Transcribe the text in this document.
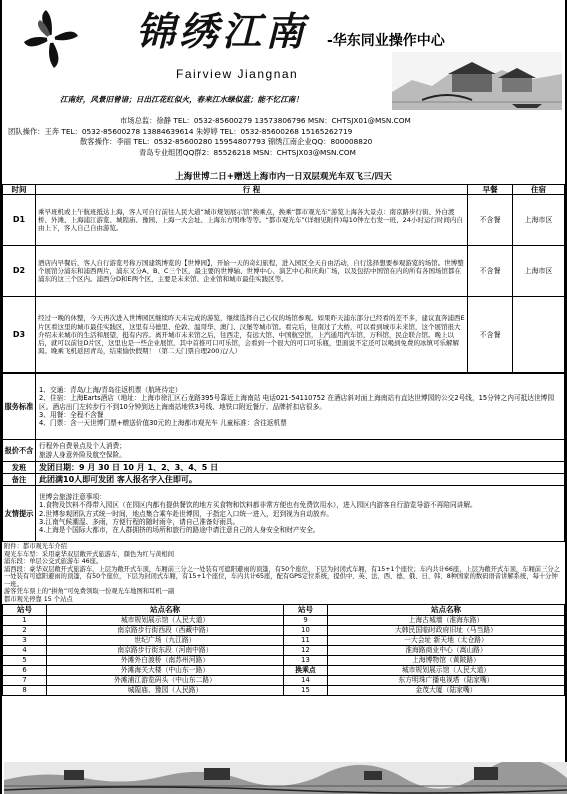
锦绣江南 -华东同业操作中心
Fairview Jiangnan
江南好，风景旧曾谙；日出江花红似火，春来江水绿似蓝；能不忆江南！
市场总监：徐静 TEL：0532-85600279 13573806796 MSN：CHTSJX01@MSN.COM
团队操作：王奔 TEL：0532-85600278 13884639614 朱婷婷 TEL：0532-85600268 15165262719
散客操作：李丽 TEL：0532-85600280 15954807793 锦绣江南企业QQ：800008820
青岛专业组团QQ群2：85526218 MSN：CHTSJX03@MSN.COM
上海世博二日+赠送上海市内一日双层观光车双飞三/四天
时间	行 程	早餐	住宿
D1	乘早班机或上午航班抵达上海，客人可自行前往人民大道“城市规划展示馆”换乘点，换乘“都市观光车”游览上海各大景点：南京路步行街、外白渡桥、外滩、上海浦江游览、城隍庙、豫园、上海一大会址、上海东方明珠等等。“都市观光车”(详细见附件)每10钟左右发一班、24小时运行时间内自由上下，客人自己自由游览。	不含餐	上海市区
D2	酒店内早餐后，客人自行游览号称万国建筑博览的【世博园】，开始一天的奇幻旅程，进入园区全天自由活动，自行选择想要参观游览的场馆。世博整个展馆分浦东和浦西两片，浦东又分A、B、C三个区，最主要的世博轴、世博中心、演艺中心和庆典广场，以及包括中国馆在内的所有各国场馆都在浦东的这三个区内。浦西分D和E两个区，主要是未来馆、企业馆和城市最佳实践区等。	不含餐	上海市区
D3	经过一晚的休整，今天再次进入世博园区继续昨天未完成的游览，继续选择自己心仪的场馆参观。如果昨天浦东部分已经看的差不多，建议直奔浦西E片区看这里的城市最佳实践区，这里有马德里、伦敦、温哥华、澳门、汉堡等城市馆。看完后，往南过了大桥，可以看到城市未来馆，这个展馆很大介绍未来城市的生活和展望，挺有内容。离开城市未来馆之后，往西走，有远大馆、中国航空馆，上汽通用汽车馆，万科馆，民企联合馆。晚上以后，就可以前往D片区，这里也是一些企业展馆，其中首推可口可乐馆，会看到一个很大的可口可乐瓶，里面说不定还可以喝到免费的冰镇可乐解解渴。晚乘飞机返回青岛，结束愉快假期！（第二天门票自理200元/人）	不含餐	
服务标准	1、交通：青岛/上海/青岛往返机票（航班待定）
2、住宿：上海Earts酒店（地址：上海市徐汇区石龙路395号靠近上海南站 电话021-54110752 在酒店斜对面上海南站有直达世博园的公交2号线，15分钟之内可抵达世博园区。酒店出门左转步行不到10分钟到达上海南站地铁3号线、地铁口附近餐厅、品牌折扣店很多。
3、用餐：全程不含餐
4、门票：含一天世博门票+赠送价值30元的上海都市观光车 儿童标准：含往返机票

报价不含	行程外自费景点及个人消费；
旅游人身意外险及航空保险。

发班	发团日期：9 月 30 日 10 月 1、2、3、4、5 日
备注	此团满10人即可发团 客人报名字入住即可。
友情提示	世博会旅游注意事项：
1.食物及饮料不得带入园区（在园区内都有提供餐饮的地方买食物和饮料都非常方便也有免费饮用水），进入园区内游客自行游览导游不再陪同讲解。
2.世博参观团队方式统一时间，地点集合乘车赴世博园，于指定入口统一进入，迟到视为自动放弃。
3.江南气候潮湿、多雨，方便行程的随时雨伞，请自己准备好雨具。
4.上海是个国际大都市，在人群拥挤的场所和旅行的路途中请注意自己的人身安全和财产安全。

附件：都市观光车介绍

观光车车型：采用豪华双层敞开式旅游车，颜色为红与黄相间

浦东段：单层公交式旅游车 46座。

浦西段：豪华双层敞开式旅游车，上层为敞开式车顶，车厢前三分之一处装有可遮阳避雨的顶篷，有50个座位，下层为封闭式车厢，有15+1个座位；车内共计66座，上层为敞开式车顶，车厢前三分之一处装有可遮阳避雨的顶篷，有50个座位，下层为封闭式车厢，有15+1个座位，车内共计65座，配有GPS定位系统，提供中、英、法、西、德、俄、日、韩、8种国家的数码语音讲解系统，每十分钟一班。

游客凭车票上的“拼角”可免费领取一份观光车地图和耳机一副

都市观光停靠 15 个站点

站号	站点名称	站号	站点名称
1	城市规划展示馆（人民大道）	9	上海古城墙（淮海东路）
2	南京路步行街西段（西藏中路）	10	大韩民国临时政府旧址（马当路）
3	世纪广场（九江路）	11	一大会址 新天地（太仓路）
4	南京路步行街东段（河南中路）	12	淮海路商业中心（嵩山路）
5	外滩外白渡桥（南苏州河路）	13	上海博物馆（黄陂路）
6	外滩海关大楼（中山东一路）	换乘点	城市规划展示馆（人民大道）
7	外滩浦江游览码头（中山东二路）	14	东方明珠广播电视塔（陆家嘴）
8	城隍庙、豫园（人民路）	15	金茂大厦（陆家嘴）
